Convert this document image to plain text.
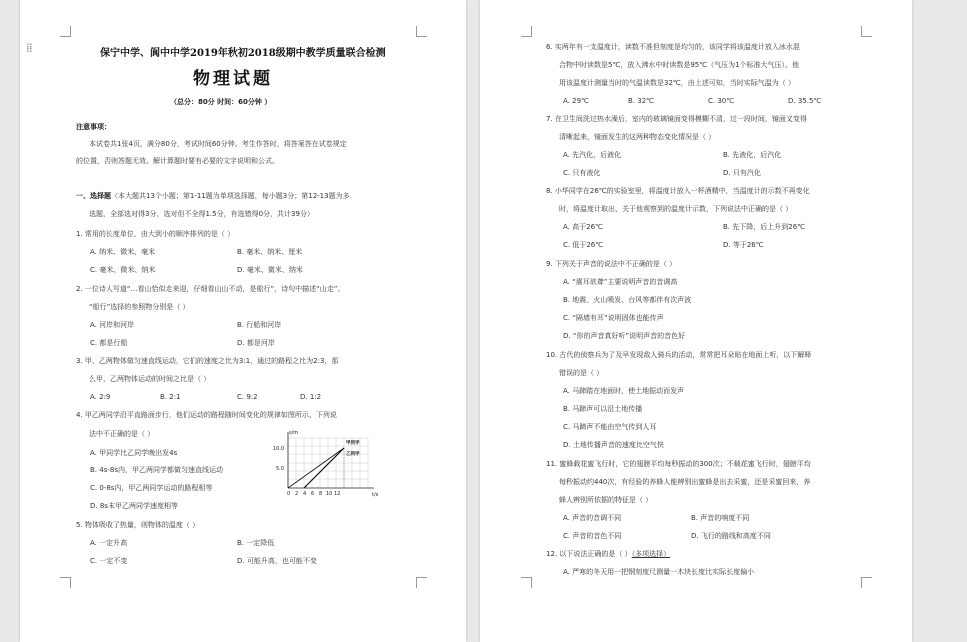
⁞⁞	保宁中学、阆中中学2019年秋初2018级期中教学质量联合检测
物理试题
（总分：80分 时间：60分钟 ）
注意事项：
本试卷共1张4页，满分80分，考试时间60分钟。考生作答时，将答案答在试卷规定
的位置，否则答题无效。解计算题时要有必要的文字说明和公式。
一、选择题（本大题共13个小题；第1-11题为单项选择题，每小题3分；第12-13题为多
选题，全部选对得3分，选对但不全得1.5分，有选错得0分，共计39分）
1. 常用的长度单位，由大到小的顺序排列的是（ ）
A. 纳米、微米、毫米	B. 毫米、纳米、厘米
C. 毫米、微米、纳米	D. 毫米、微米、纳米
2. 一位诗人写道“…看山恰似走来迎，仔细看山山不动，是船行”，诗句中描述“山走”、
“船行”选择的参照物分别是（ ）
A. 河岸和河岸	B. 行船和河岸
C. 都是行船	D. 都是河岸
3. 甲、乙两物体做匀速直线运动，它们的速度之比为3:1，通过的路程之比为2:3，那
么甲、乙两物体运动的时间之比是（ ）
A. 2:9	B. 2:1	C. 9:2	D. 1:2
4. 甲乙两同学沿平直路面步行，他们运动的路程随时间变化的规律如图所示，下列说
法中不正确的是（ ）
A. 甲同学比乙同学晚出发4s
B. 4s-8s内，甲乙两同学都做匀速直线运动
C. 0-8s内，甲乙两同学运动的路程相等
D. 8s末甲乙两同学速度相等
s/m
t/s
10.0
5.0
0 2 4 6 8 10 12
甲同学
乙同学
5. 物体吸收了热量，则物体的温度（ ）
A. 一定升高	B. 一定降低
C. 一定不变	D. 可能升高，也可能不变
6. 实两年有一支温度计，读数不准但刻度是均匀的，该同学将该温度计放入冰水混
合物中时读数是5℃，放入沸水中时读数是95℃（气压为1个标准大气压）。他
用该温度计测量当时的气温读数是32℃，由上述可知，当时实际气温为（ ）
A. 29℃	B. 32℃	C. 30℃	D. 35.5℃
7. 在卫生间洗过热水澡后，室内的玻璃镜面变得模糊不清，过一段时间，镜面又变得
清晰起来，镜面发生的这两种物态变化情况是（ ）
A. 先汽化，后液化	B. 先液化，后汽化
C. 只有液化	D. 只有汽化
8. 小华同学在26℃的实验室里，将温度计放入一杯酒精中，当温度计的示数不再变化
时，将温度计取出，关于他观察到的温度计示数，下列说法中正确的是（ ）
A. 高于26℃	B. 先下降，后上升到26℃
C. 低于26℃	D. 等于26℃
9. 下列关于声音的说法中不正确的是（ ）
A. “震耳欲聋”主要说明声音的音调高
B. 地震、火山喷发、台风等都伴有次声波
C. “隔墙有耳”说明固体也能传声
D. “你的声音真好听”说明声音的音色好
10. 古代的侦察兵为了及早发现敌人骑兵的活动，常常把耳朵贴在地面上听，以下解释
错误的是（ ）
A. 马蹄踏在地面时，使土地振动而发声
B. 马蹄声可以沿土地传播
C. 马蹄声不能由空气传到人耳
D. 土地传播声音的速度比空气快
11. 蜜蜂载花蜜飞行时，它的翅膀平均每秒振动的300次；不载花蜜飞行时，翅膀平均
每秒振动约440次，有经验的养蜂人能辨别出蜜蜂是出去采蜜，还是采蜜回来，养
蜂人辨别所依据的特征是（ ）
A. 声音的音调不同	B. 声音的响度不同
C. 声音的音色不同	D. 飞行的路线和高度不同
12. 以下说法正确的是（ ）（多项选择）
A. 严寒的冬天用一把钢刻度尺测量一木块长度比实际长度偏小
